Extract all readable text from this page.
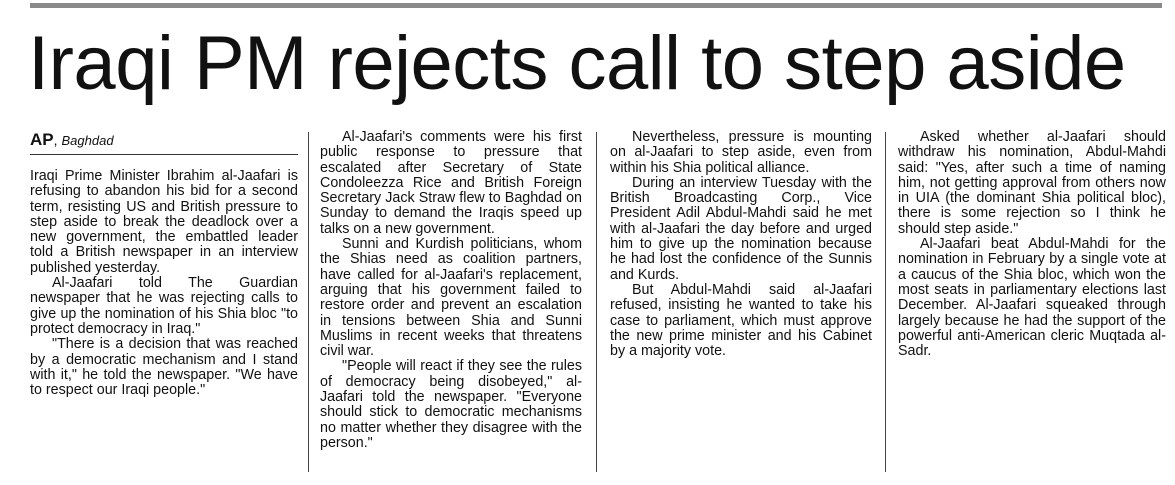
Iraqi PM rejects call to step aside
AP, Baghdad

Iraqi Prime Minister Ibrahim al-Jaafari is refusing to abandon his bid for a second term, resisting US and British pressure to step aside to break the deadlock over a new government, the embattled leader told a British newspaper in an interview published yesterday.

Al-Jaafari told The Guardian newspaper that he was rejecting calls to give up the nomination of his Shia bloc "to protect democracy in Iraq."

"There is a decision that was reached by a democratic mechanism and I stand with it," he told the newspaper. "We have to respect our Iraqi people."

Al-Jaafari's comments were his first public response to pressure that escalated after Secretary of State Condoleezza Rice and British Foreign Secretary Jack Straw flew to Baghdad on Sunday to demand the Iraqis speed up talks on a new government.

Sunni and Kurdish politicians, whom the Shias need as coalition partners, have called for al-Jaafari's replacement, arguing that his government failed to restore order and prevent an escalation in tensions between Shia and Sunni Muslims in recent weeks that threatens civil war.

"People will react if they see the rules of democracy being disobeyed," al-Jaafari told the newspaper. "Everyone should stick to democratic mechanisms no matter whether they disagree with the person."

Nevertheless, pressure is mounting on al-Jaafari to step aside, even from within his Shia political alliance.

During an interview Tuesday with the British Broadcasting Corp., Vice President Adil Abdul-Mahdi said he met with al-Jaafari the day before and urged him to give up the nomination because he had lost the confidence of the Sunnis and Kurds.

But Abdul-Mahdi said al-Jaafari refused, insisting he wanted to take his case to parliament, which must approve the new prime minister and his Cabinet by a majority vote.

Asked whether al-Jaafari should withdraw his nomination, Abdul-Mahdi said: "Yes, after such a time of naming him, not getting approval from others now in UIA (the dominant Shia political bloc), there is some rejection so I think he should step aside."

Al-Jaafari beat Abdul-Mahdi for the nomination in February by a single vote at a caucus of the Shia bloc, which won the most seats in parliamentary elections last December. Al-Jaafari squeaked through largely because he had the support of the powerful anti-American cleric Muqtada al-Sadr.
